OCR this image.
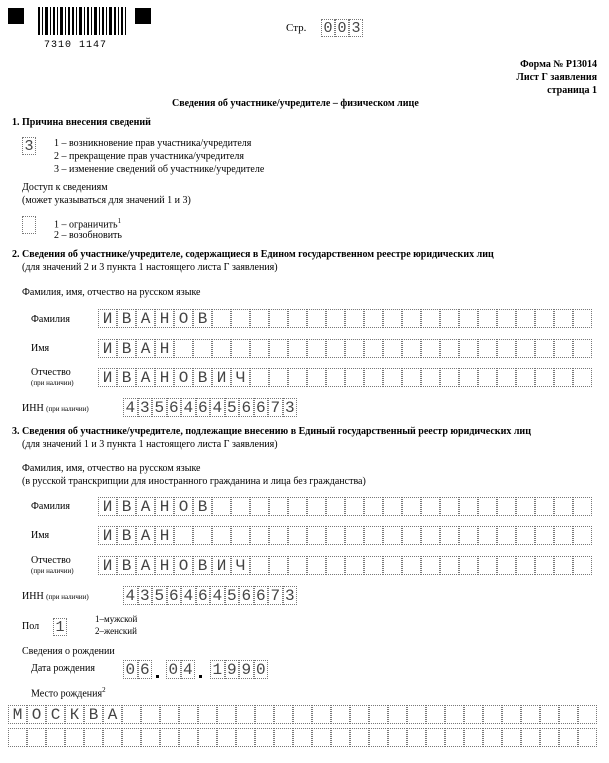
7310 1147
Стр. 0 0 3
Форма № Р13014
Лист Г заявления
страница 1
Сведения об участнике/учредителе – физическом лице
1. Причина внесения сведений
3 1 – возникновение прав участника/учредителя
2 – прекращение прав участника/учредителя
3 – изменение сведений об участнике/учредителе
Доступ к сведениям
(может указываться для значений 1 и 3)
1 – ограничить$^1$
2 – возобновить
2. Сведения об участнике/учредителе, содержащиеся в Едином государственном реестре юридических лиц
(для значений 2 и 3 пункта 1 настоящего листа Г заявления)
Фамилия, имя, отчество на русском языке
Фамилия И В А Н О В
Имя	И В А Н
Отчество
(при наличии) И В А Н О В И Ч
ИНН (при наличии) 4 3 5 6 4 6 4 5 6 6 7 3
3. Сведения об участнике/учредителе, подлежащие внесению в Единый государственный реестр юридических лиц
(для значений 1 и 3 пункта 1 настоящего листа Г заявления)
Фамилия, имя, отчество на русском языке
(в русской транскрипции для иностранного гражданина и лица без гражданства)
Фамилия И В А Н О В
Имя	И В А Н
Отчество
(при наличии) И В А Н О В И Ч
ИНН (при наличии) 4 3 5 6 4 6 4 5 6 6 7 3
Пол 1	1–мужской
2–женский
Сведения о рождении
Дата рождения 0 6 0 4 1 9 9 0
Место рождения$^2$
М О С К В А
